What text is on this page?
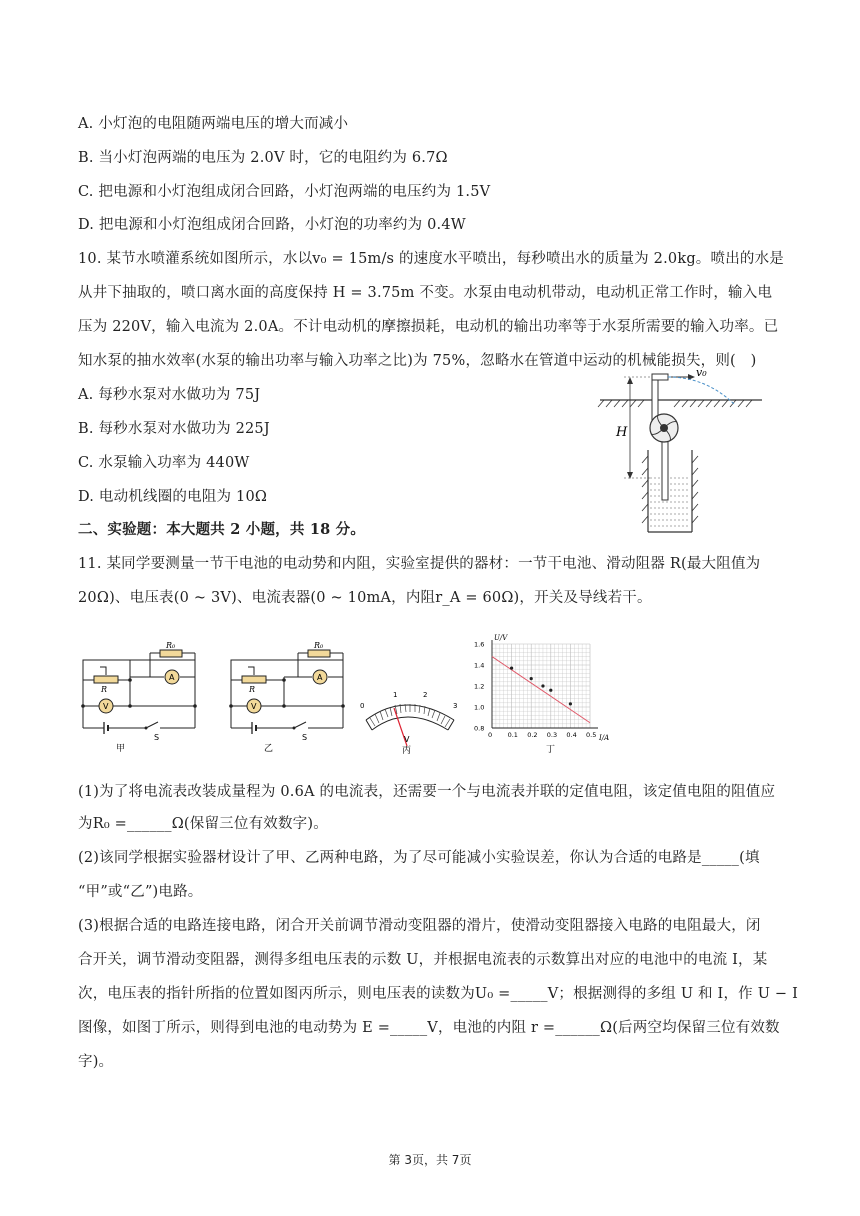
A. 小灯泡的电阻随两端电压的增大而减小
B. 当小灯泡两端的电压为 2.0V 时，它的电阻约为 6.7Ω
C. 把电源和小灯泡组成闭合回路，小灯泡两端的电压约为 1.5V
D. 把电源和小灯泡组成闭合回路，小灯泡的功率约为 0.4W
10. 某节水喷灌系统如图所示，水以v₀ = 15m/s 的速度水平喷出，每秒喷出水的质量为 2.0kg。喷出的水是
从井下抽取的，喷口离水面的高度保持 H = 3.75m 不变。水泵由电动机带动，电动机正常工作时，输入电
压为 220V，输入电流为 2.0A。不计电动机的摩擦损耗，电动机的输出功率等于水泵所需要的输入功率。已
知水泵的抽水效率(水泵的输出功率与输入功率之比)为 75%，忽略水在管道中运动的机械能损失，则(　)
A. 每秒水泵对水做功为 75J
B. 每秒水泵对水做功为 225J
C. 水泵输入功率为 440W
D. 电动机线圈的电阻为 10Ω
二、实验题：本大题共 2 小题，共 18 分。
11. 某同学要测量一节干电池的电动势和内阻，实验室提供的器材：一节干电池、滑动阻器 R(最大阻值为
20Ω)、电压表(0 ~ 3V)、电流表器(0 ~ 10mA，内阻r_A = 60Ω)，开关及导线若干。
(1)为了将电流表改装成量程为 0.6A 的电流表，还需要一个与电流表并联的定值电阻，该定值电阻的阻值应
为R₀ =______Ω(保留三位有效数字)。
(2)该同学根据实验器材设计了甲、乙两种电路，为了尽可能减小实验误差，你认为合适的电路是_____(填
“甲”或“乙”)电路。
(3)根据合适的电路连接电路，闭合开关前调节滑动变阻器的滑片，使滑动变阻器接入电路的电阻最大，闭
合开关，调节滑动变阻器，测得多组电压表的示数 U，并根据电流表的示数算出对应的电池中的电流 I，某
次，电压表的指针所指的位置如图丙所示，则电压表的读数为U₀ =_____V；根据测得的多组 U 和 I，作 U − I
图像，如图丁所示，则得到电池的电动势为 E =_____V，电池的内阻 r =______Ω(后两空均保留三位有效数
字)。
v₀
H
R₀
A
R
V
S
甲
R₀
A
R
V
S
乙
0
1	2
3
V
丙
0 0.1 0.2 0.3 0.4 0.5
0.8
1.0
1.2
1.4
1.6
U/V
I/A
丁
第 3页，共 7页
